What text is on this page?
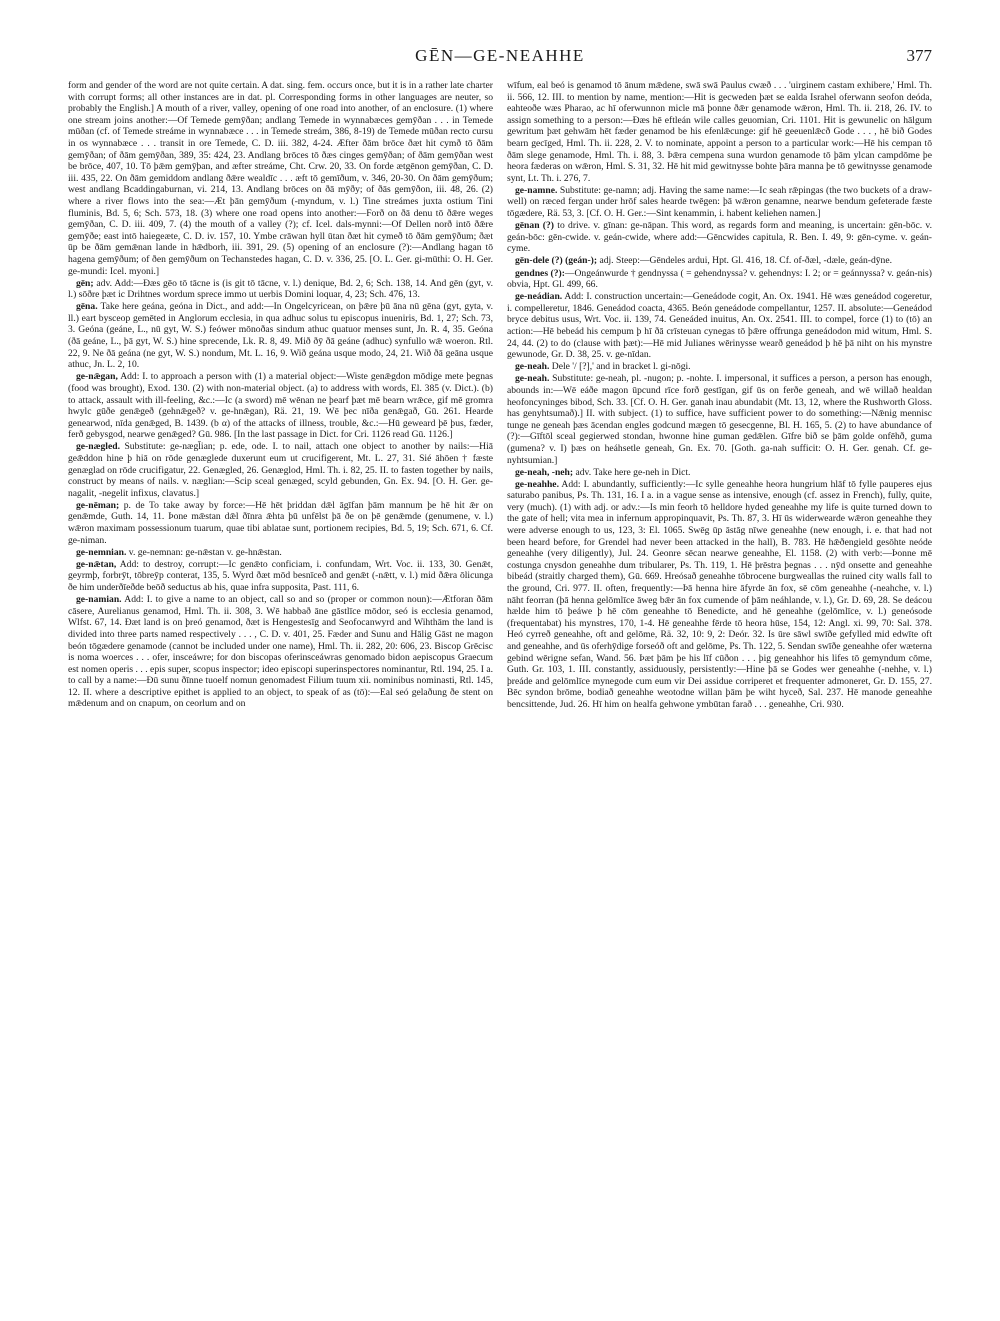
GĒN—GE-NEAHHE	377

form and gender of the word are not quite certain. A dat. sing. fem. occurs once, but it is in a rather late charter with corrupt forms; all other instances are in dat. pl. Corresponding forms in other languages are neuter, so probably the English.] A mouth of a river, valley, opening of one road into another, of an enclosure. (1) where one stream joins another:—Of Temede gemȳðan; andlang Temede in wynnabæces gemȳðan . . . in Temede mūðan (cf. of Temede streáme in wynnabæce . . . in Temede streám, 386, 8-19) de Temede mūðan recto cursu in os wynnabæce . . . transit in ore Temede, C. D. iii. 382, 4-24. Æfter ðām brōce ðæt hit cymð tō ðām gemȳðan; of ðām gemȳðan, 389, 35: 424, 23. Andlang brōces tō ðæs cinges gemȳðan; of ðām gemȳðan west be brōce, 407, 10. Tō þǣm gemȳþan, and æfter streáme, Cht. Crw. 20, 33. On forde ætgēnon gemȳðan, C. D. iii. 435, 22. On ðām gemiddom andlang ðǣre wealdīc . . . æft tō gemīðum, v. 346, 20-30. On ðām gemȳðum; west andlang Bcaddingaburnan, vi. 214, 13. Andlang brōces on ðā mȳðy; of ðās gemȳðon, iii. 48, 26. (2) where a river flows into the sea:—Æt þān gemȳðum (-myndum, v. l.) Tine streámes juxta ostium Tini fluminis, Bd. 5, 6; Sch. 573, 18. (3) where one road opens into another:—Forð on ðā denu tō ðǣre weges gemȳðan, C. D. iii. 409, 7. (4) the mouth of a valley (?); cf. Icel. dals-mynni:—Of Dellen norð intō ðǣre gemȳðe; east intō haiegeæte, C. D. iv. 157, 10. Ymbe crāwan hyll ūtan ðæt hit cymeð tō ðām gemȳðum; ðæt ūp be ðām gemǣnan lande in hǣdborh, iii. 391, 29. (5) opening of an enclosure (?):—Andlang hagan tō hagena gemȳðum; of ðen gemȳðum on Techanstedes hagan, C. D. v. 336, 25. [O. L. Ger. gi-mūthi: O. H. Ger. ge-mundi: Icel. myoni.]

gēn; adv. Add:—Ðæs gēo tō tācne is (is git tō tācne, v. l.) denique, Bd. 2, 6; Sch. 138, 14. And gēn (gyt, v. l.) sōðre þæt ic Drihtnes wordum sprece immo ut uerbis Domini loquar, 4, 23; Sch. 476, 13.

gēna. Take here geána, geóna in Dict., and add:—In Ongelcyricean, on þǣre þū āna nū gēna (gyt, gyta, v. ll.) eart bysceop gemēted in Anglorum ecclesia, in qua adhuc solus tu episcopus inueniris, Bd. 1, 27; Sch. 73, 3. Geóna (geáne, L., nū gyt, W. S.) feówer mōnoðas sindum athuc quatuor menses sunt, Jn. R. 4, 35. Geóna (ðā geáne, L., þā gyt, W. S.) hine sprecende, Lk. R. 8, 49. Mið ðȳ ðā geáne (adhuc) synfullo wǣ woeron. Rtl. 22, 9. Ne ðā geána (ne gyt, W. S.) nondum, Mt. L. 16, 9. Wið geána usque modo, 24, 21. Wið ðā geāna usque athuc, Jn. L. 2, 10.

ge-nǣgan, Add: I. to approach a person with (1) a material object:—Wiste genǣgdon mōdige mete þegnas (food was brought), Exod. 130. (2) with non-material object. (a) to address with words, El. 385 (v. Dict.). (b) to attack, assault with ill-feeling, &c.:—Ic (a sword) mē wēnan ne þearf þæt mē bearn wrǣce, gif mē gromra hwylc gūðe genǣgeð (gehnǣgeð? v. ge-hnǣgan), Rä. 21, 19. Wē þec nīða genǣgað, Gū. 261. Hearde genearwod, nīda genǣged, B. 1439. (b α) of the attacks of illness, trouble, &c.:—Hū geweard þē þus, fæder, ferð gebysgod, nearwe genǣged? Gū. 986. [In the last passage in Dict. for Cri. 1126 read Gū. 1126.]

ge-nægled. Substitute: ge-nægl̄ian; p. ede, ode. I. to nail, attach one object to another by nails:—Hiā geǣddon hine þ hiā on rōde genæglede duxerunt eum ut crucifigerent, Mt. L. 27, 31. Sié āhōen † fæste genæglad on rōde crucifigatur, 22. Genægled, 26. Genæglod, Hml. Th. i. 82, 25. II. to fasten together by nails, construct by means of nails. v. næglian:—Scip sceal genæged, scyld gebunden, Gn. Ex. 94. [O. H. Ger. ge-nagalit, -negelit infixus, clavatus.]

ge-nēman; p. de To take away by force:—Hē hēt þriddan dǣl āgīfan þām mannum þe hē hit ǣr on genǣmde, Guth. 14, 11. Þone mǣstan dǣl ðīnra ǣhta þū unfēlst þā ðe on þē genǣmde (genumene, v. l.) wǣron maximam possessionum tuarum, quae tibi ablatae sunt, portionem recipies, Bd. 5, 19; Sch. 671, 6. Cf. ge-niman.

ge-nemnian. v. ge-nemnan: ge-nǣstan v. ge-hnǣstan.

ge-nǣtan, Add: to destroy, corrupt:—Ic genǣto conficiam, i. confundam, Wrt. Voc. ii. 133, 30. Genǣt, geyrmþ, forbrȳt, tōbreȳp conterat, 135, 5. Wyrd ðæt mōd besnīceð and genǣt (-nǣtt, v. l.) mid ðǣra ōlicunga ðe him underðīeðde beōð seductus ab his, quae infra supposita, Past. 111, 6.

ge-namian. Add: I. to give a name to an object, call so and so (proper or common noun):—Ætforan ðām cāsere, Aurelianus genamod, Hml. Th. ii. 308, 3. Wē habbað āne gāstlīce mōdor, seó is ecclesia genamod, Wlfst. 67, 14. Ðæt land is on þreó genamod, ðæt is Hengestesīg and Seofocanwyrd and Wihthām the land is divided into three parts named respectively . . . , C. D. v. 401, 25. Fæder and Sunu and Hālig Gāst ne magon beón tōgædere genamode (cannot be included under one name), Hml. Th. ii. 282, 20: 606, 23. Biscop Grēcisc is noma woerces . . . ofer, insceáwre; for don biscopas oferinsceáwras genomado bidon aepiscopus Graecum est nomen operis . . . epis super, scopus inspector; ideo episcopi superinspectores nominantur, Rtl. 194, 25. I a. to call by a name:—Ðū sunu ðīnne tuoelf nomun genomadest Filium tuum xii. nominibus nominasti, Rtl. 145, 12. II. where a descriptive epithet is applied to an object, to speak of as (tō):—Eal seó gelaðung ðe stent on mǣdenum and on cnapum, on ceorlum and on

wīfum, eal beó is genamod tō ānum mǣdene, swā swā Paulus cwæð . . . 'uirginem castam exhibere,' Hml. Th. ii. 566, 12. III. to mention by name, mention:—Hit is gecweden þæt se ealda Israhel oferwann seofon deóda, eahteoðe wæs Pharao, ac hī oferwunnon micle mā þonne ðǣr genamode wǣron, Hml. Th. ii. 218, 26. IV. to assign something to a person:—Ðæs hē eftleán wile calles geuomian, Cri. 1101. Hit is gewunelic on hālgum gewritum þæt gehwām hēt fæder genamod be his efenlǣcunge: gif hē geeuenlǣcð Gode . . . , hē bið Godes bearn gecīged, Hml. Th. ii. 228, 2. V. to nominate, appoint a person to a particular work:—Hē his cempan tō ðām slege genamode, Hml. Th. i. 88, 3. Þǣra cempena suna wurdon genamode tō þām ylcan campdōme þe heora fæderas on wǣron, Hml. S. 31, 32. Hē hit mid gewitnysse bohte þāra manna þe tō gewitnysse genamode synt, Lt. Th. i. 276, 7.

ge-namne. Substitute: ge-namn; adj. Having the same name:—Ic seah rǣpingas (the two buckets of a draw-well) on ræced fergan under hrōf sales hearde twēgen: þā wǣron genamne, nearwe bendum gefeterade fæste tōgædere, Rä. 53, 3. [Cf. O. H. Ger.:—Sint kenammin, i. habent keliehen namen.]

gēnan (?) to drive. v. gīnan: ge-nāpan. This word, as regards form and meaning, is uncertain: gēn-bōc. v. geán-bōc: gēn-cwide. v. geán-cwide, where add:—Gēncwides capitula, R. Ben. I. 49, 9: gēn-cyme. v. geán-cyme.

gēn-dele (?) (geán-); adj. Steep:—Gēndeles ardui, Hpt. Gl. 416, 18. Cf. of-ðæl, -dæle, geán-dȳne.

gendnes (?):—Ongeánwurde † gendnyssa ( = gehendnyssa? v. gehendnys: I. 2; or = geánnyssa? v. geán-nis) obvia, Hpt. Gl. 499, 66.

ge-neádian. Add: I. construction uncertain:—Geneádode cogit, An. Ox. 1941. Hē wæs geneádod cogeretur, i. compelleretur, 1846. Geneádod coacta, 4365. Beón geneádode compellantur, 1257. II. absolute:—Geneádod bryce debitus usus, Wrt. Voc. ii. 139, 74. Geneáded inuitus, An. Ox. 2541. III. to compel, force (1) to (tō) an action:—Hē bebeád his cempum þ hī ðā crīsteuan cynegas tō þǣre offrunga geneádodon mid witum, Hml. S. 24, 44. (2) to do (clause with þæt):—Hē mid Julianes wērinysse wearð geneádod þ hē þā niht on his mynstre gewunode, Gr. D. 38, 25. v. ge-nīdan.

ge-neah. Dele '/ [?],' and in bracket l. gi-nōgi.

ge-neah. Substitute: ge-neah, pl. -nugon; p. -nohte. I. impersonal, it suffices a person, a person has enough, abounds in:—Wē eáðe magon ūpcund rīce forð gestīgan, gif ūs on ferðe geneah, and wē willað healdan heofoncyninges bibod, Sch. 33. [Cf. O. H. Ger. ganah inau abundabit (Mt. 13, 12, where the Rushworth Gloss. has genyhtsumað).] II. with subject. (1) to suffice, have sufficient power to do something:—Nǣnig mennisc tunge ne geneah þæs ācendan engles godcund mægen tō gesecgenne, Bl. H. 165, 5. (2) to have abundance of (?):—Gīftōl sceal gegierwed stondan, hwonne hine guman gedǣlen. Gīfre bið se þām golde onfēhð, guma (gumena? v. I) þæs on heáhsetle geneah, Gn. Ex. 70. [Goth. ga-nah sufficit: O. H. Ger. genah. Cf. ge-nyhtsumian.]

ge-neah, -neh; adv. Take here ge-neh in Dict.

ge-neahhe. Add: I. abundantly, sufficiently:—Ic sylle geneahhe heora hungrium hlāf tō fylle pauperes ejus saturabo panibus, Ps. Th. 131, 16. I a. in a vague sense as intensive, enough (cf. assez in French), fully, quite, very (much). (1) with adj. or adv.:—Is min feorh tō helldore hyded geneahhe my life is quite turned down to the gate of hell; vita mea in infernum appropinquavit, Ps. Th. 87, 3. Hī ūs widerwearde wǣron geneahhe they were adverse enough to us, 123, 3: El. 1065. Swēg ūp āstāg nīwe geneahhe (new enough, i. e. that had not been heard before, for Grendel had never been attacked in the hall), B. 783. Hē hǣðengield gesōhte neóde geneahhe (very diligently), Jul. 24. Geonre sēcan nearwe geneahhe, El. 1158. (2) with verb:—Þonne mē costunga cnysdon geneahhe dum tribularer, Ps. Th. 119, 1. Hē þrēstra þegnas . . . nȳd onsette and geneahhe bibeád (straitly charged them), Gū. 669. Hreósað geneahhe tōbrocene burgweallas the ruined city walls fall to the ground, Cri. 977. II. often, frequently:—Þā henna hire āfyrde ān fox, sē cōm geneahhe (-neahche, v. l.) nāht feorran (þā henna gelōmlīce āweg bǣr ān fox cumende of þām neáhlande, v. l.), Gr. D. 69, 28. Se deácou hælde him tō þeáwe þ hē cōm geneahhe tō Benedicte, and hē geneahhe (gelōmlīce, v. l.) geneósode (frequentabat) his mynstres, 170, 1-4. Hē geneahhe fērde tō heora hūse, 154, 12: Angl. xi. 99, 70: Sal. 378. Heó cyrreð geneahhe, oft and gelōme, Rä. 32, 10: 9, 2: Deór. 32. Is ūre sāwl swīðe gefylled mid edwīte oft and geneahhe, and ūs oferhȳdige forseóð oft and gelōme, Ps. Th. 122, 5. Sendan swīðe geneahhe ofer wæterna gebind wērigne sefan, Wand. 56. Þæt þām þe his līf cūðon . . . þig geneahhor his lifes tō gemyndum cōme, Guth. Gr. 103, 1. III. constantly, assiduously, persistently:—Hine þā se Godes wer geneahhe (-nehhe, v. l.) þreáde and gelōmlīce mynegode cum eum vir Dei assidue corriperet et frequenter admoneret, Gr. D. 155, 27. Bēc syndon brōme, bodiað geneahhe weotodne willan þām þe wiht hyceð, Sal. 237. Hē manode geneahhe bencsittende, Jud. 26. Hī him on healfa gehwone ymbūtan farað . . . geneahhe, Cri. 930.
